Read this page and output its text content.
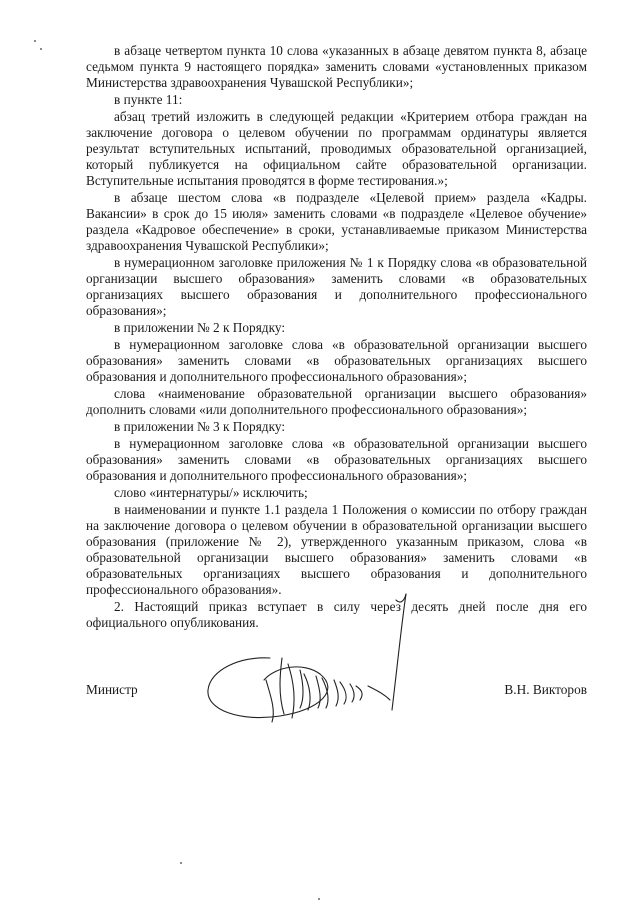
в абзаце четвертом пункта 10 слова «указанных в абзаце девятом пункта 8, абзаце седьмом пункта 9 настоящего порядка» заменить словами «установленных приказом Министерства здравоохранения Чувашской Республики»;

в пункте 11:

абзац третий изложить в следующей редакции «Критерием отбора граждан на заключение договора о целевом обучении по программам ординатуры является результат вступительных испытаний, проводимых образовательной организацией, который публикуется на официальном сайте образовательной организации. Вступительные испытания проводятся в форме тестирования.»;

в абзаце шестом слова «в подразделе «Целевой прием» раздела «Кадры. Вакансии» в срок до 15 июля» заменить словами «в подразделе «Целевое обучение» раздела «Кадровое обеспечение» в сроки, устанавливаемые приказом Министерства здравоохранения Чувашской Республики»;

в нумерационном заголовке приложения № 1 к Порядку слова «в образовательной организации высшего образования» заменить словами «в образовательных организациях высшего образования и дополнительного профессионального образования»;

в приложении № 2 к Порядку:

в нумерационном заголовке слова «в образовательной организации высшего образования» заменить словами «в образовательных организациях высшего образования и дополнительного профессионального образования»;

слова «наименование образовательной организации высшего образования» дополнить словами «или дополнительного профессионального образования»;

в приложении № 3 к Порядку:

в нумерационном заголовке слова «в образовательной организации высшего образования» заменить словами «в образовательных организациях высшего образования и дополнительного профессионального образования»;

слово «интернатуры/» исключить;

в наименовании и пункте 1.1 раздела 1 Положения о комиссии по отбору граждан на заключение договора о целевом обучении в образовательной организации высшего образования (приложение № 2), утвержденного указанным приказом, слова «в образовательной организации высшего образования» заменить словами «в образовательных организациях высшего образования и дополнительного профессионального образования».

2. Настоящий приказ вступает в силу через десять дней после дня его официального опубликования.

Министр	В.Н. Викторов
